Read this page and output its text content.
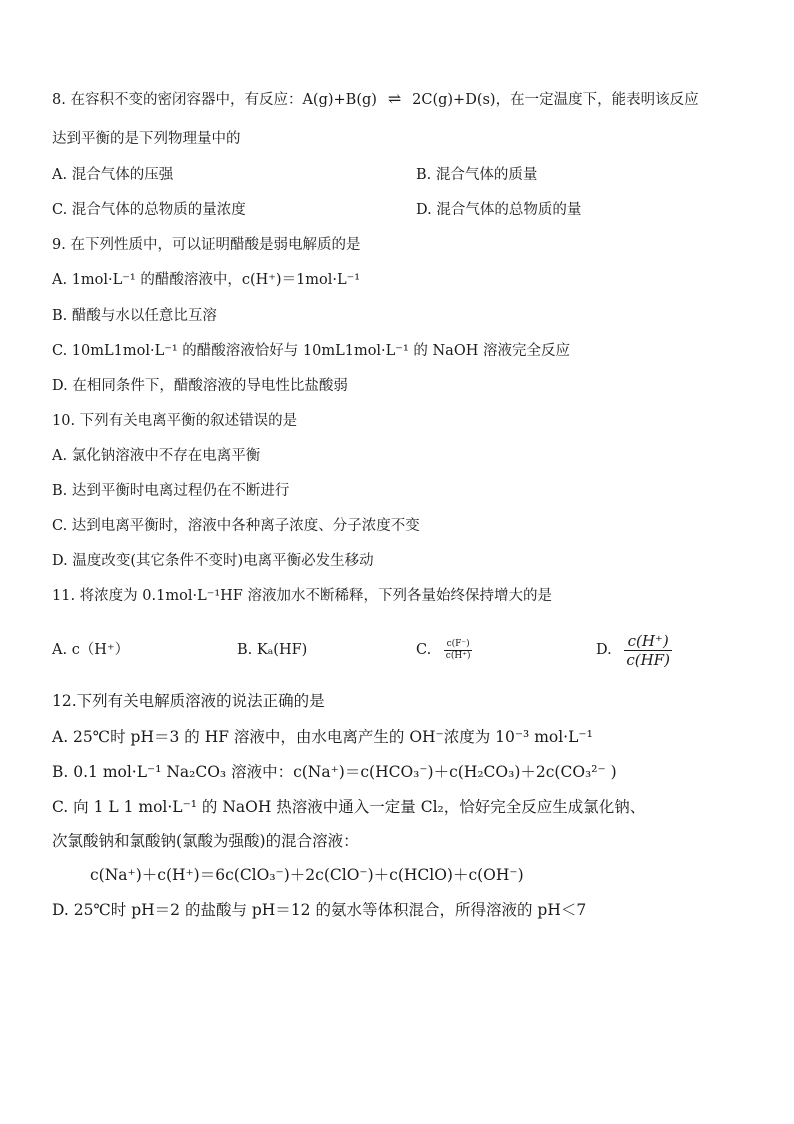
8. 在容积不变的密闭容器中，有反应：A(g)+B(g) ⇌ 2C(g)+D(s)，在一定温度下，能表明该反应
达到平衡的是下列物理量中的
A. 混合气体的压强	B. 混合气体的质量
C. 混合气体的总物质的量浓度	D. 混合气体的总物质的量
9. 在下列性质中，可以证明醋酸是弱电解质的是
A. 1mol·L⁻¹ 的醋酸溶液中，c(H⁺)＝1mol·L⁻¹
B. 醋酸与水以任意比互溶
C. 10mL1mol·L⁻¹ 的醋酸溶液恰好与 10mL1mol·L⁻¹ 的 NaOH 溶液完全反应
D. 在相同条件下，醋酸溶液的导电性比盐酸弱
10. 下列有关电离平衡的叙述错误的是
A. 氯化钠溶液中不存在电离平衡
B. 达到平衡时电离过程仍在不断进行
C. 达到电离平衡时，溶液中各种离子浓度、分子浓度不变
D. 温度改变(其它条件不变时)电离平衡必发生移动
11. 将浓度为 0.1mol·L⁻¹HF 溶液加水不断稀释，下列各量始终保持增大的是
A. c（H⁺）	B. Kₐ(HF)	C. $\frac{c(F^-)}{c(H^+)}$	D. $\frac{c(H^+)}{c(HF)}$
12.下列有关电解质溶液的说法正确的是
A. 25℃时 pH＝3 的 HF 溶液中，由水电离产生的 OH⁻浓度为 10⁻³ mol·L⁻¹
B. 0.1 mol·L⁻¹ Na₂CO₃ 溶液中：c(Na⁺)＝c(HCO₃⁻)＋c(H₂CO₃)＋2c(CO₃²⁻ )
C. 向 1 L 1 mol·L⁻¹ 的 NaOH 热溶液中通入一定量 Cl₂，恰好完全反应生成氯化钠、
次氯酸钠和氯酸钠(氯酸为强酸)的混合溶液：
c(Na⁺)＋c(H⁺)＝6c(ClO₃⁻)＋2c(ClO⁻)＋c(HClO)＋c(OH⁻)
D. 25℃时 pH＝2 的盐酸与 pH＝12 的氨水等体积混合，所得溶液的 pH＜7
